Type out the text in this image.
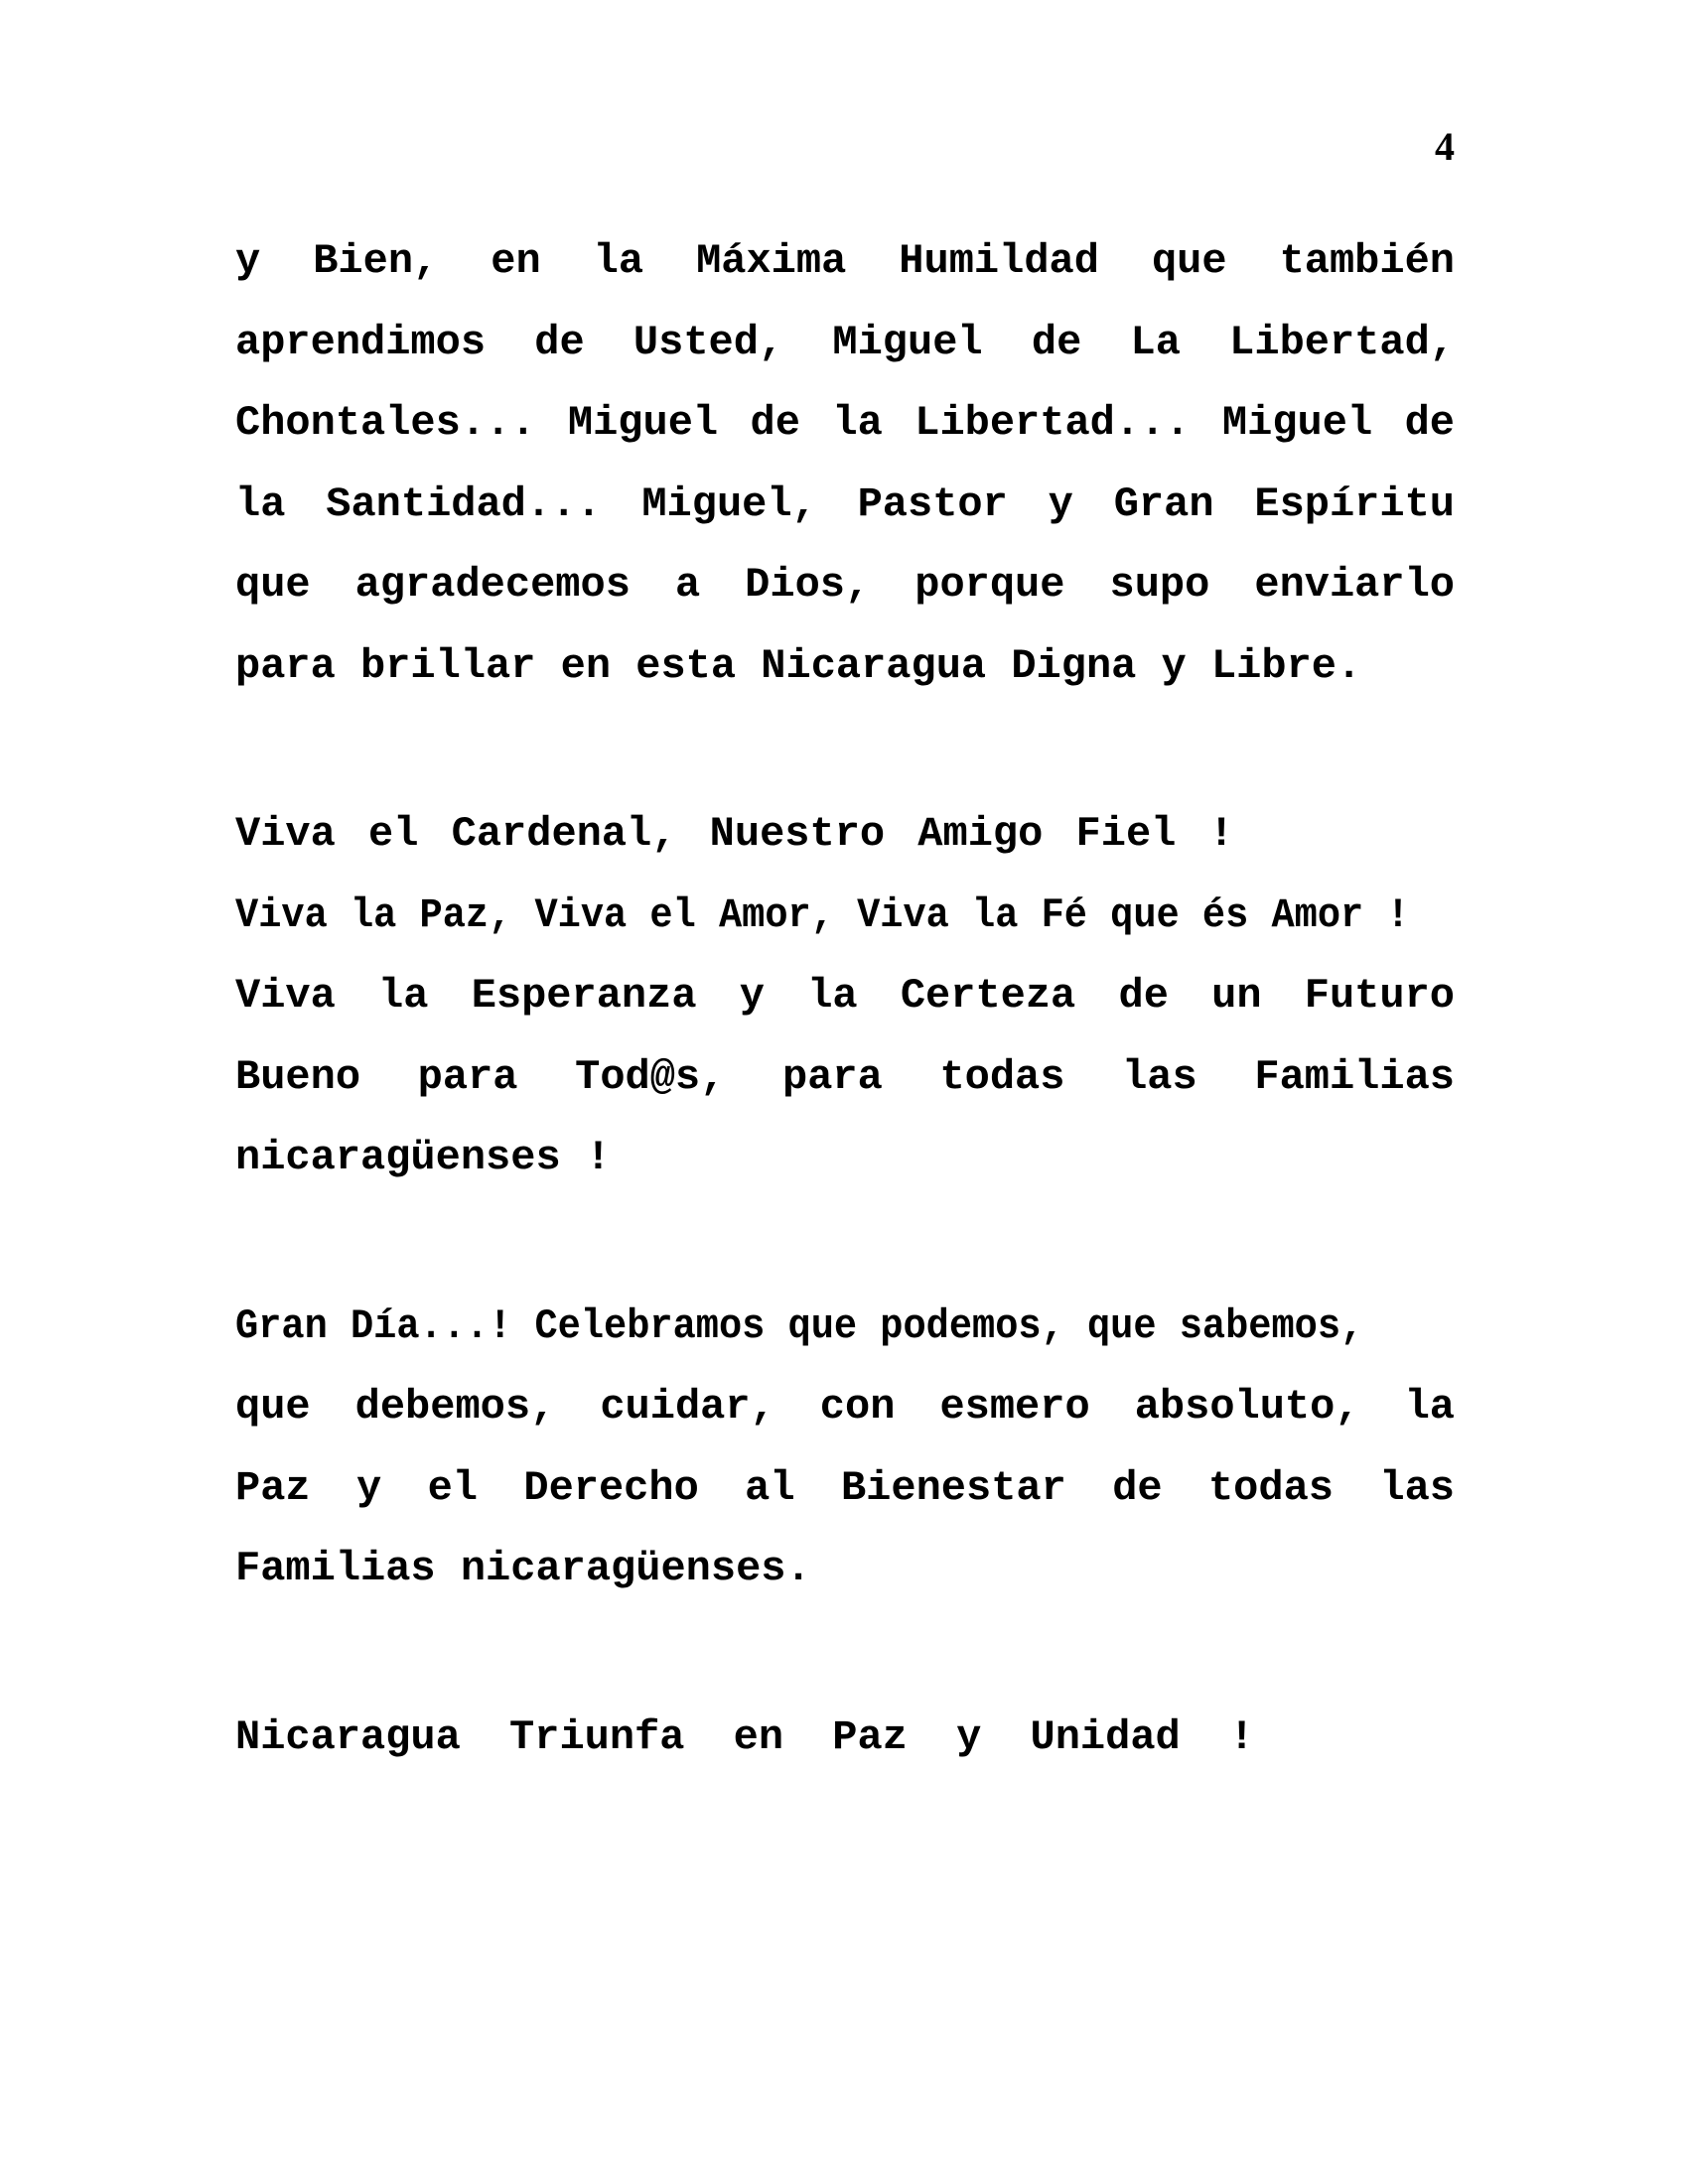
4
y Bien, en la Máxima Humildad que también
aprendimos de Usted, Miguel de La Libertad,
Chontales... Miguel de la Libertad... Miguel de
la Santidad... Miguel, Pastor y Gran Espíritu
que agradecemos a Dios, porque supo enviarlo
para brillar en esta Nicaragua Digna y Libre.
Viva el Cardenal, Nuestro Amigo Fiel !
Viva la Paz, Viva el Amor, Viva la Fé que és Amor !
Viva la Esperanza y la Certeza de un Futuro
Bueno para Tod@s, para todas las Familias
nicaragüenses !
Gran Día...! Celebramos que podemos, que sabemos,
que debemos, cuidar, con esmero absoluto, la
Paz y el Derecho al Bienestar de todas las
Familias nicaragüenses.
Nicaragua Triunfa en Paz y Unidad !
